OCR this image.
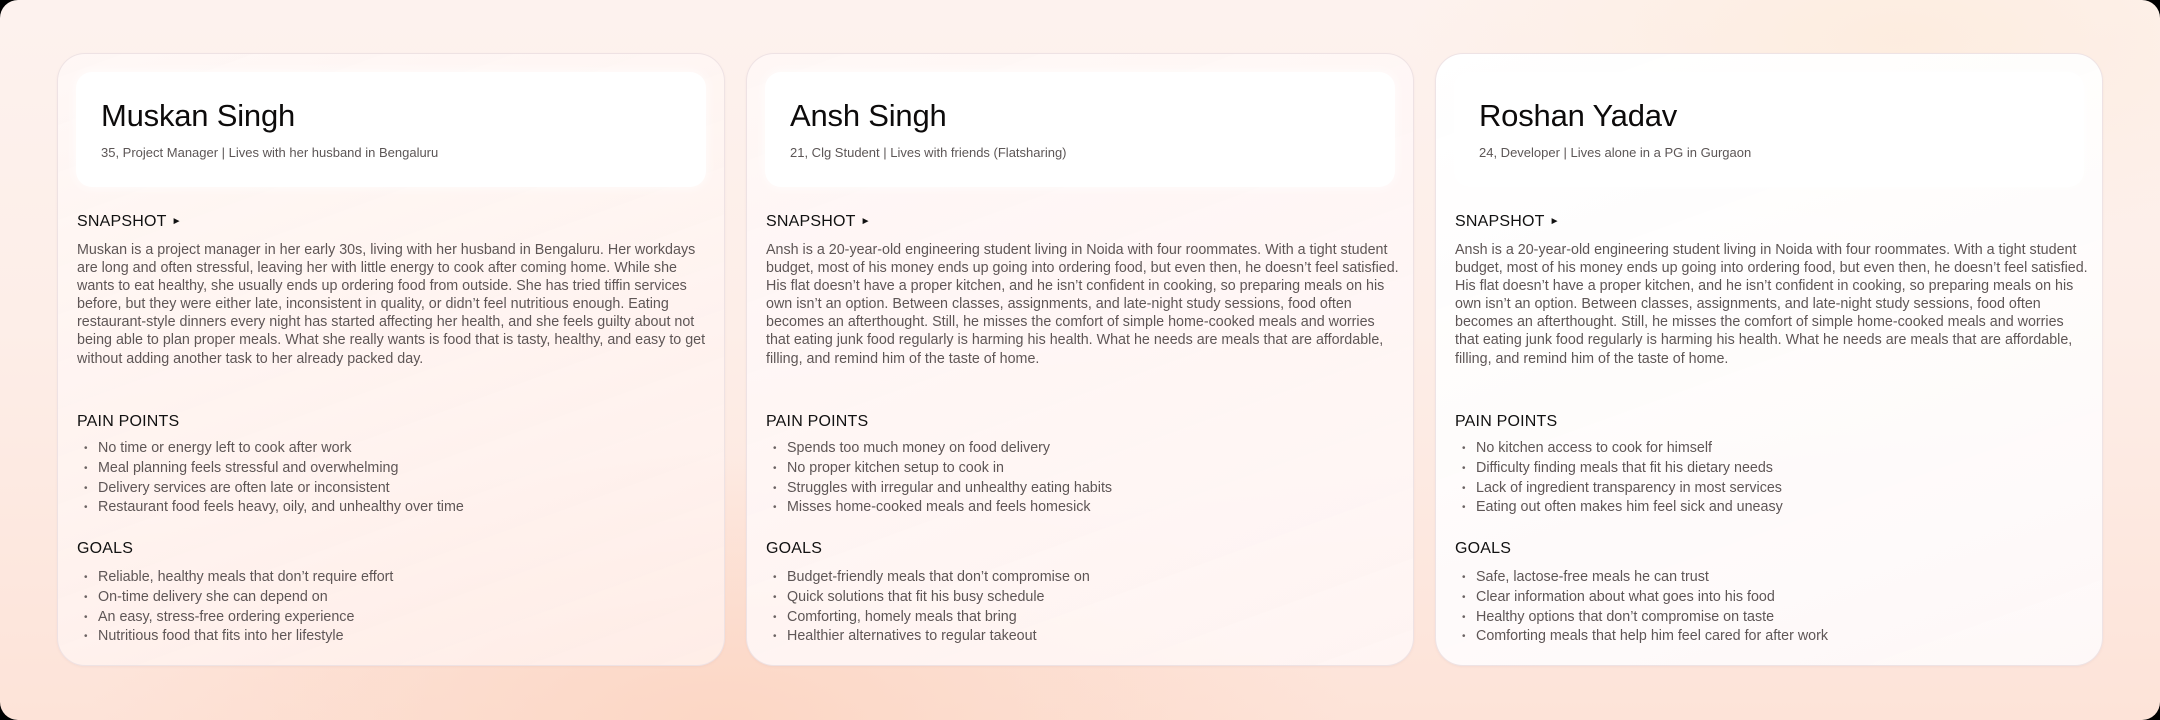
Muskan Singh
35, Project Manager | Lives with her husband in Bengaluru
SNAPSHOT ►

Muskan is a project manager in her early 30s, living with her husband in Bengaluru. Her workdays are long and often stressful, leaving her with little energy to cook after coming home. While she wants to eat healthy, she usually ends up ordering food from outside. She has tried tiffin services before, but they were either late, inconsistent in quality, or didn’t feel nutritious enough. Eating restaurant-style dinners every night has started affecting her health, and she feels guilty about not being able to plan proper meals. What she really wants is food that is tasty, healthy, and easy to get without adding another task to her already packed day.

PAIN POINTS
• No time or energy left to cook after work
• Meal planning feels stressful and overwhelming
• Delivery services are often late or inconsistent
• Restaurant food feels heavy, oily, and unhealthy over time
GOALS
• Reliable, healthy meals that don’t require effort
• On-time delivery she can depend on
• An easy, stress-free ordering experience
• Nutritious food that fits into her lifestyle
Ansh Singh
21, Clg Student | Lives with friends (Flatsharing)
SNAPSHOT ►

Ansh is a 20-year-old engineering student living in Noida with four roommates. With a tight student budget, most of his money ends up going into ordering food, but even then, he doesn’t feel satisfied. His flat doesn’t have a proper kitchen, and he isn’t confident in cooking, so preparing meals on his own isn’t an option. Between classes, assignments, and late-night study sessions, food often becomes an afterthought. Still, he misses the comfort of simple home-cooked meals and worries that eating junk food regularly is harming his health. What he needs are meals that are affordable, filling, and remind him of the taste of home.

PAIN POINTS
• Spends too much money on food delivery
• No proper kitchen setup to cook in
• Struggles with irregular and unhealthy eating habits
• Misses home-cooked meals and feels homesick
GOALS
• Budget-friendly meals that don’t compromise on
• Quick solutions that fit his busy schedule
• Comforting, homely meals that bring
• Healthier alternatives to regular takeout
Roshan Yadav
24, Developer | Lives alone in a PG in Gurgaon
SNAPSHOT ►

Ansh is a 20-year-old engineering student living in Noida with four roommates. With a tight student budget, most of his money ends up going into ordering food, but even then, he doesn’t feel satisfied. His flat doesn’t have a proper kitchen, and he isn’t confident in cooking, so preparing meals on his own isn’t an option. Between classes, assignments, and late-night study sessions, food often becomes an afterthought. Still, he misses the comfort of simple home-cooked meals and worries that eating junk food regularly is harming his health. What he needs are meals that are affordable, filling, and remind him of the taste of home.

PAIN POINTS
• No kitchen access to cook for himself
• Difficulty finding meals that fit his dietary needs
• Lack of ingredient transparency in most services
• Eating out often makes him feel sick and uneasy
GOALS
• Safe, lactose-free meals he can trust
• Clear information about what goes into his food
• Healthy options that don’t compromise on taste
• Comforting meals that help him feel cared for after work
